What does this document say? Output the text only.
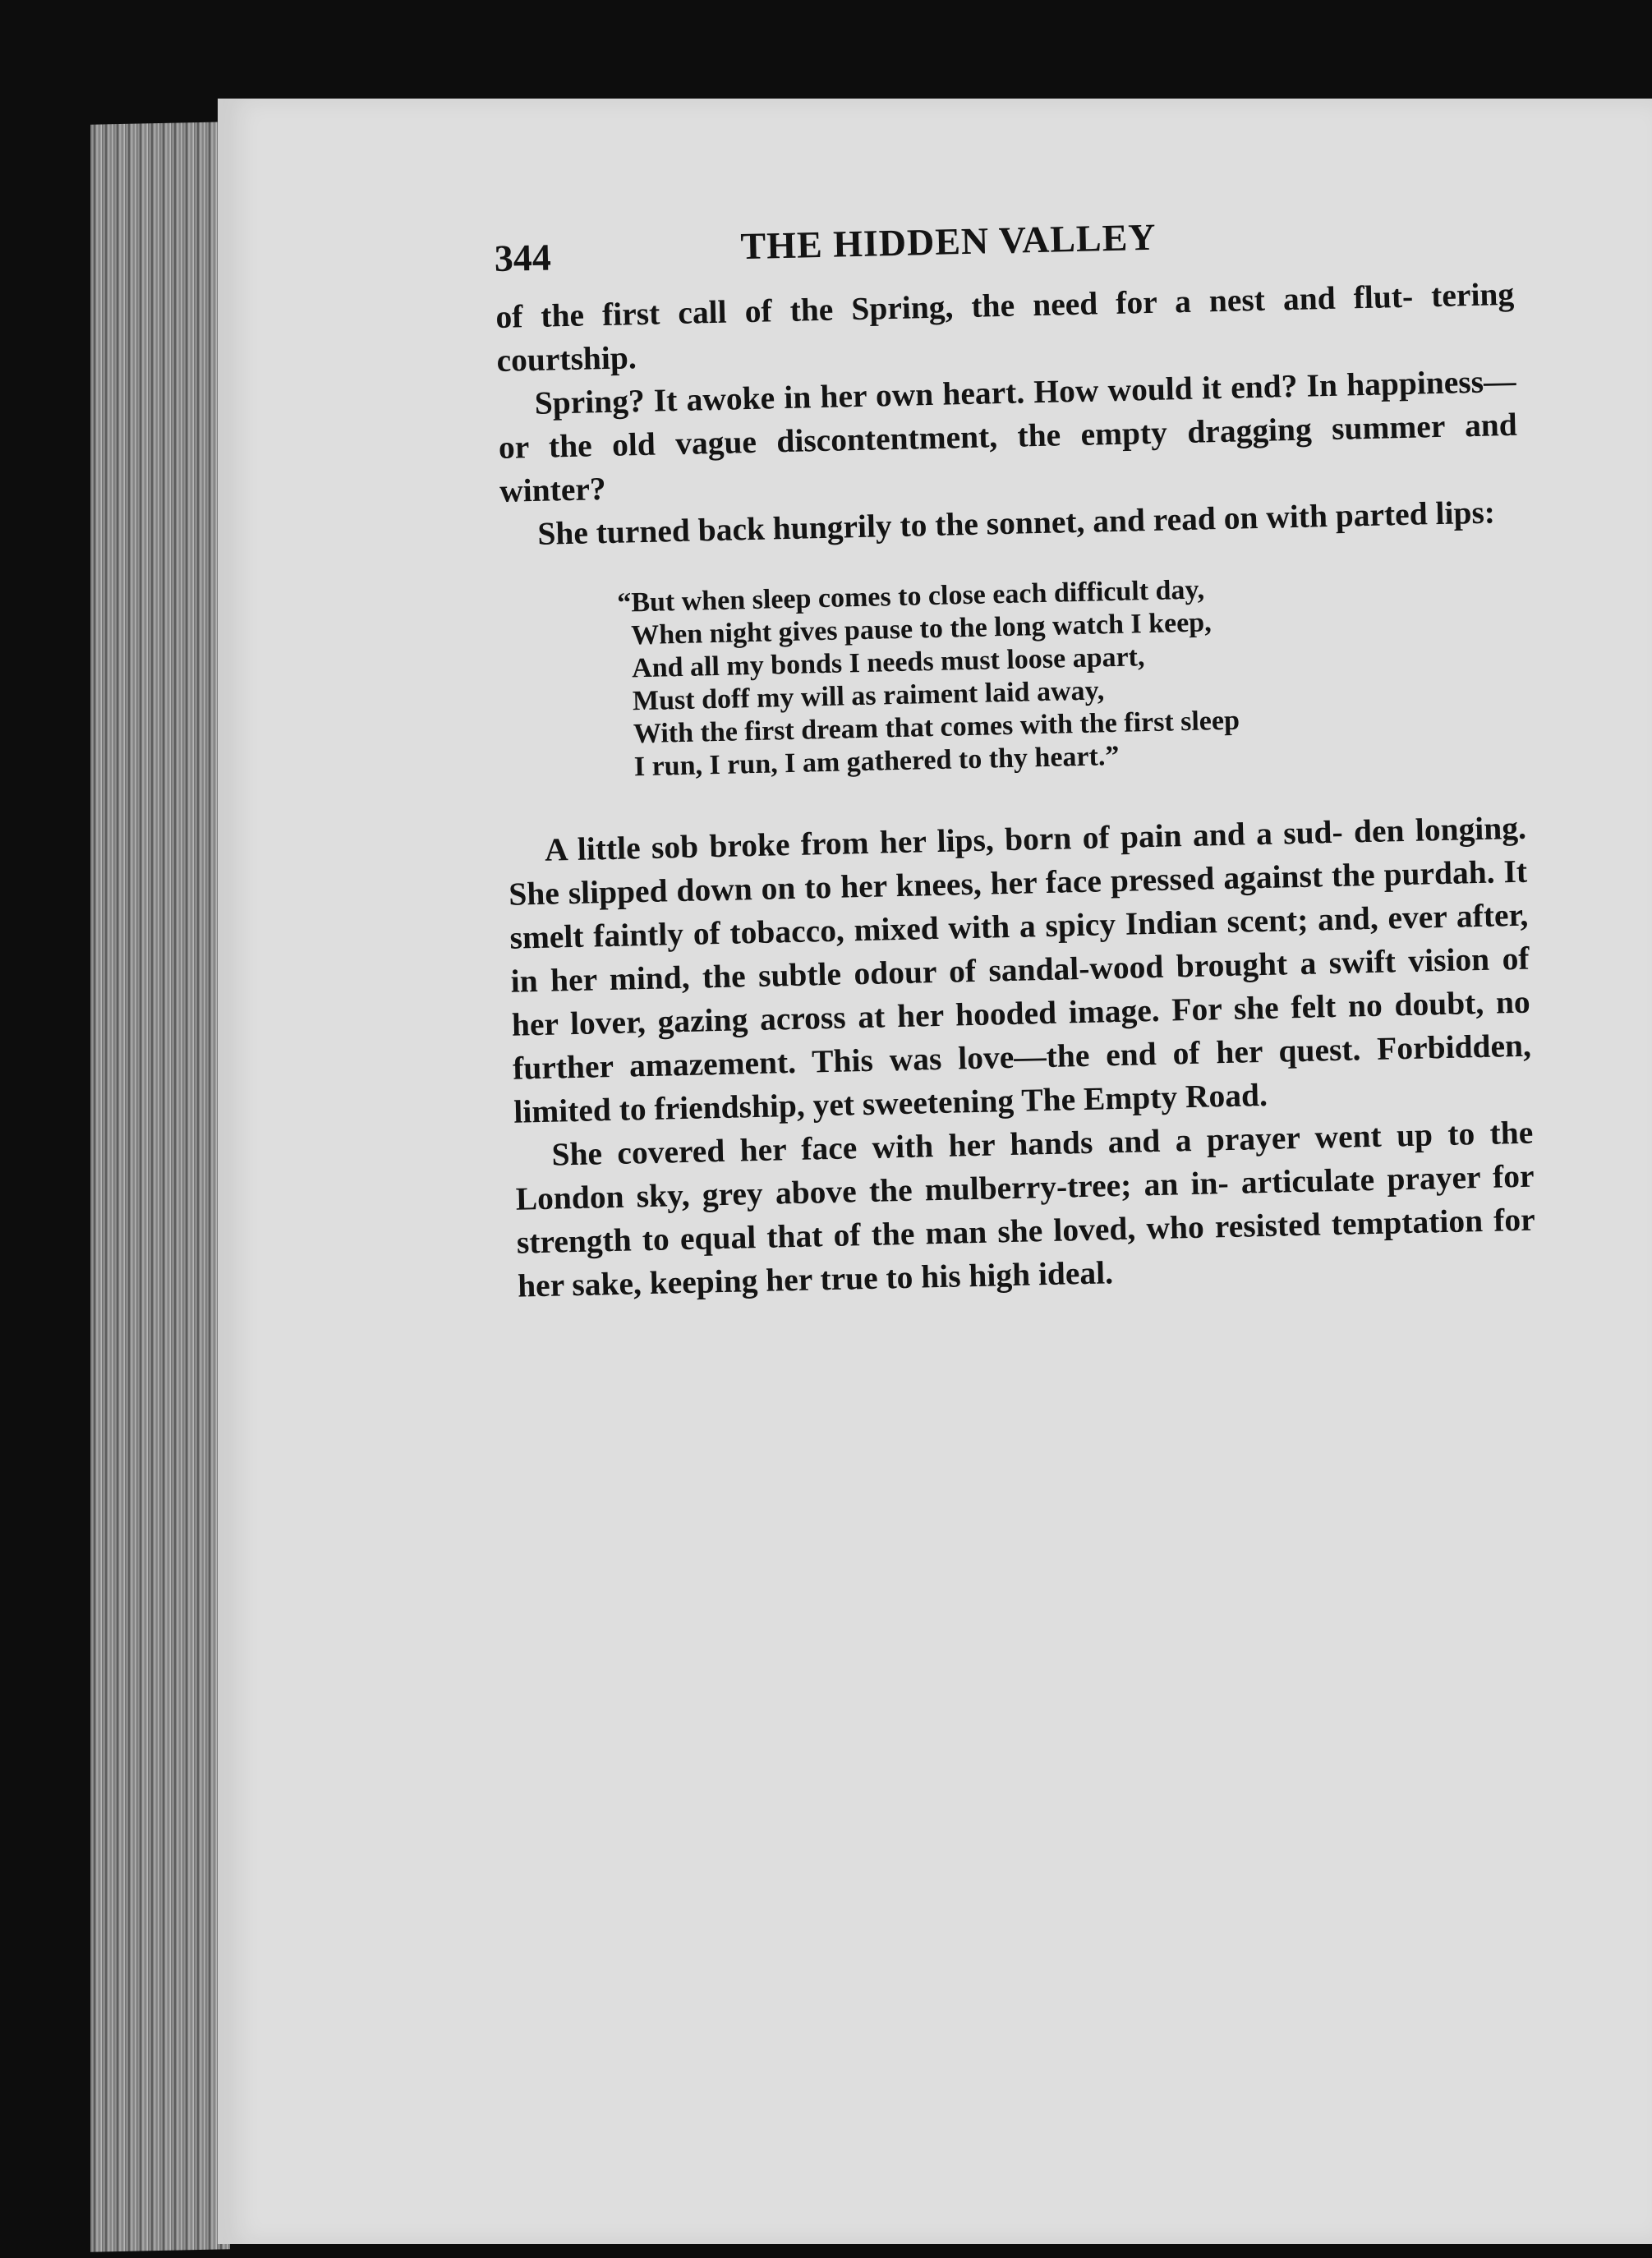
344	THE HIDDEN VALLEY

of the first call of the Spring, the need for a nest and flut- tering courtship.

Spring? It awoke in her own heart. How would it end? In happiness—or the old vague discontentment, the empty dragging summer and winter?

She turned back hungrily to the sonnet, and read on with parted lips:

“But when sleep comes to close each difficult day,
When night gives pause to the long watch I keep,
And all my bonds I needs must loose apart,
Must doff my will as raiment laid away,
With the first dream that comes with the first sleep
I run, I run, I am gathered to thy heart.”

A little sob broke from her lips, born of pain and a sud- den longing. She slipped down on to her knees, her face pressed against the purdah. It smelt faintly of tobacco, mixed with a spicy Indian scent; and, ever after, in her mind, the subtle odour of sandal-wood brought a swift vision of her lover, gazing across at her hooded image. For she felt no doubt, no further amazement. This was love—the end of her quest. Forbidden, limited to friendship, yet sweetening The Empty Road.

She covered her face with her hands and a prayer went up to the London sky, grey above the mulberry-tree; an in- articulate prayer for strength to equal that of the man she loved, who resisted temptation for her sake, keeping her true to his high ideal.
